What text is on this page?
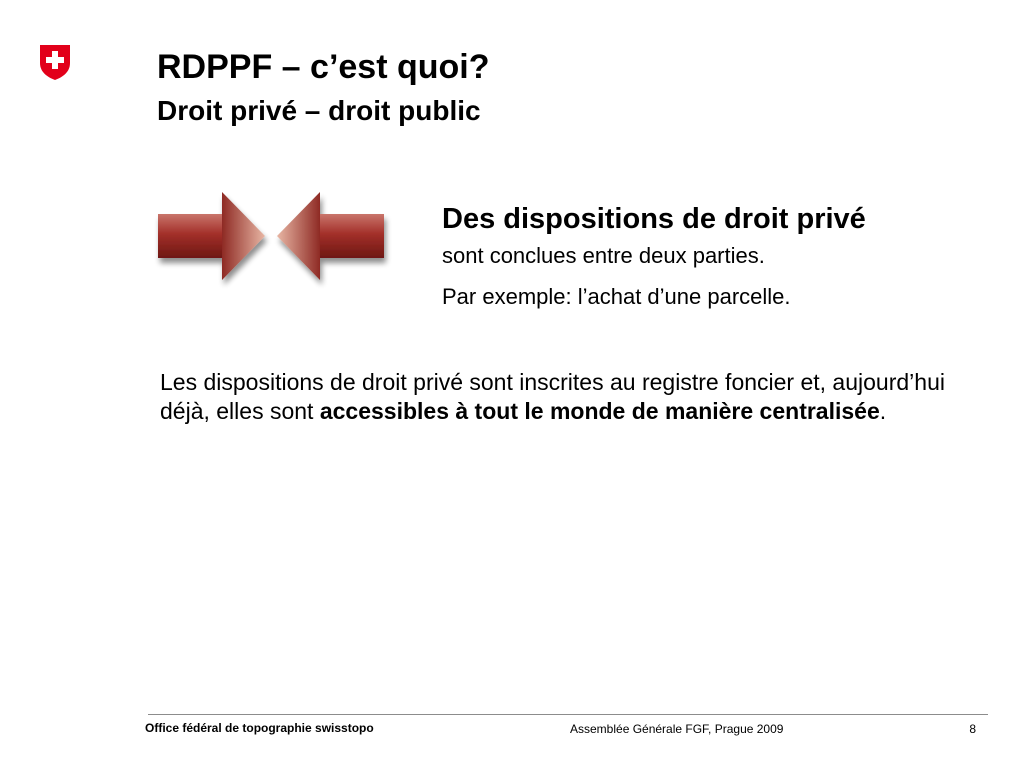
RDPPF – c’est quoi?
Droit privé – droit public
Des dispositions de droit privé

sont conclues entre deux parties.

Par exemple: l’achat d’une parcelle.

Les dispositions de droit privé sont inscrites au registre foncier et, aujourd’hui déjà, elles sont accessibles à tout le monde de manière centralisée.

Office fédéral de topographie swisstopo	Assemblée Générale FGF, Prague 2009	8
